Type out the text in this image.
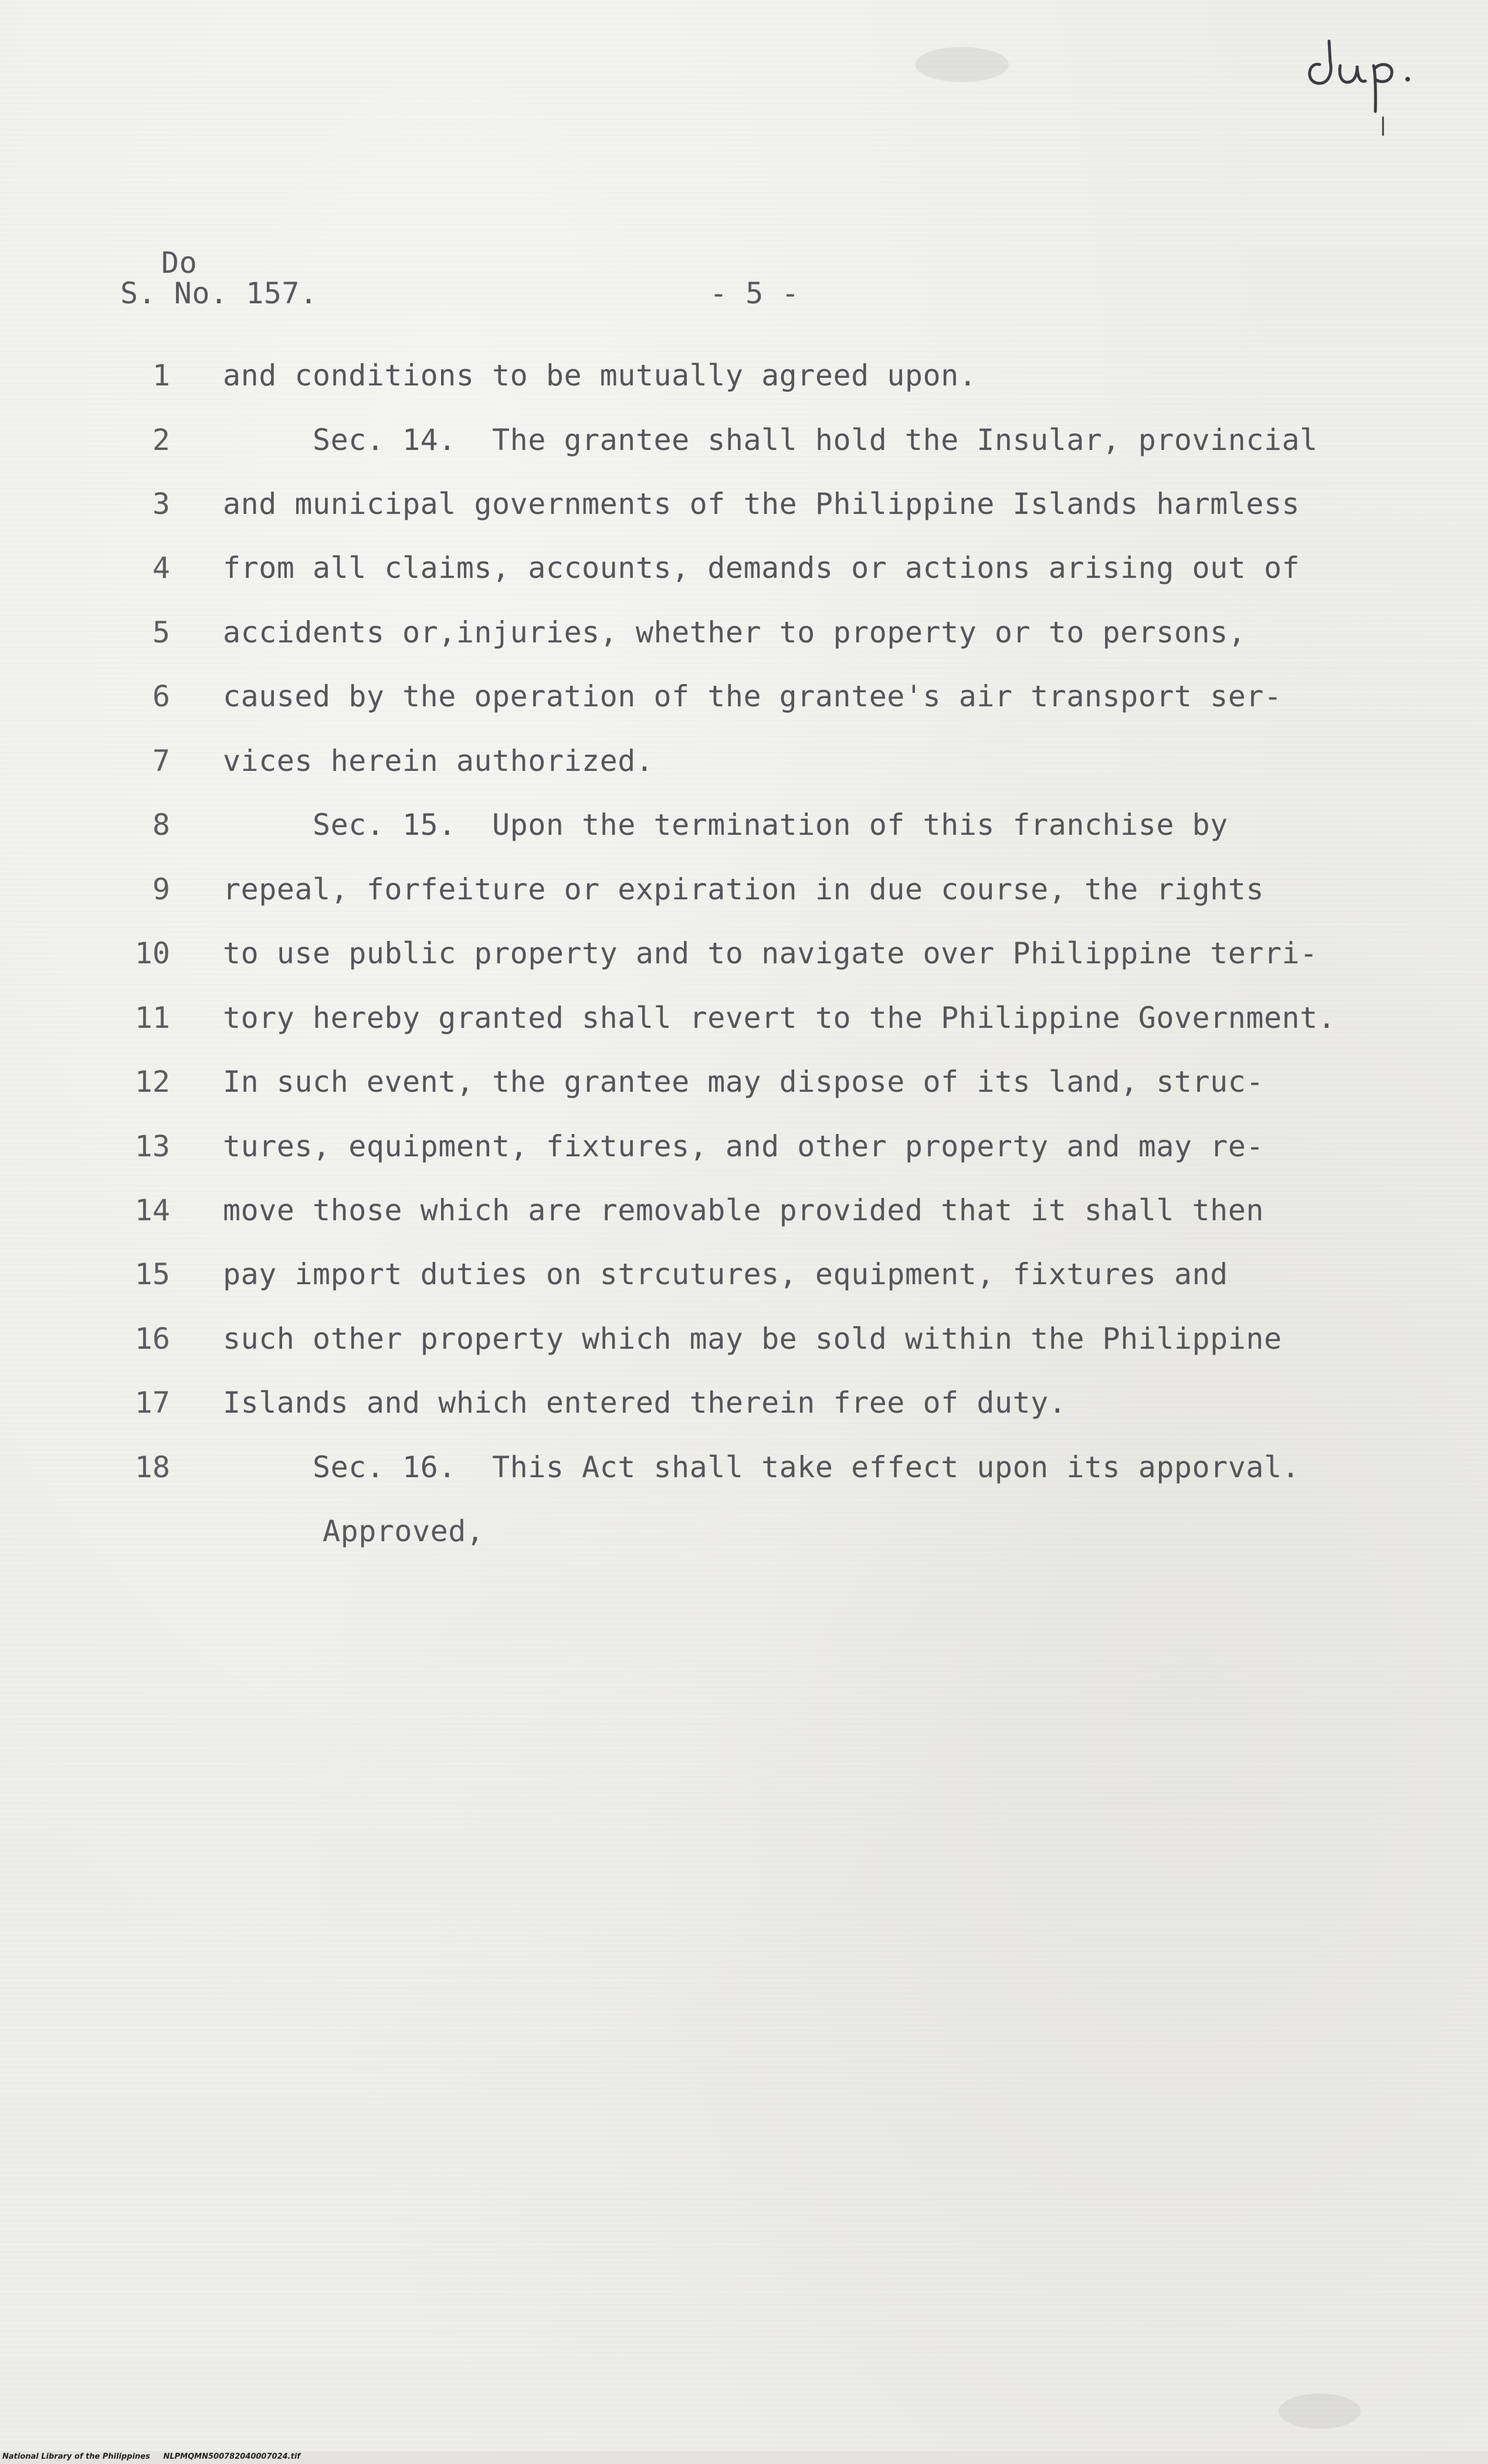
Do
S. No. 157.	- 5 -
1 and conditions to be mutually agreed upon.
2 Sec. 14.  The grantee shall hold the Insular, provincial
3 and municipal governments of the Philippine Islands harmless
4 from all claims, accounts, demands or actions arising out of
5 accidents or,injuries, whether to property or to persons,
6 caused by the operation of the grantee's air transport ser-
7 vices herein authorized.
8 Sec. 15.  Upon the termination of this franchise by
9 repeal, forfeiture or expiration in due course, the rights
10 to use public property and to navigate over Philippine terri-
11 tory hereby granted shall revert to the Philippine Government.
12 In such event, the grantee may dispose of its land, struc-
13 tures, equipment, fixtures, and other property and may re-
14 move those which are removable provided that it shall then
15 pay import duties on strcutures, equipment, fixtures and
16 such other property which may be sold within the Philippine
17 Islands and which entered therein free of duty.
18 Sec. 16.  This Act shall take effect upon its apporval.
Approved,
National Library of the Philippines     NLPMQMN500782040007024.tif
